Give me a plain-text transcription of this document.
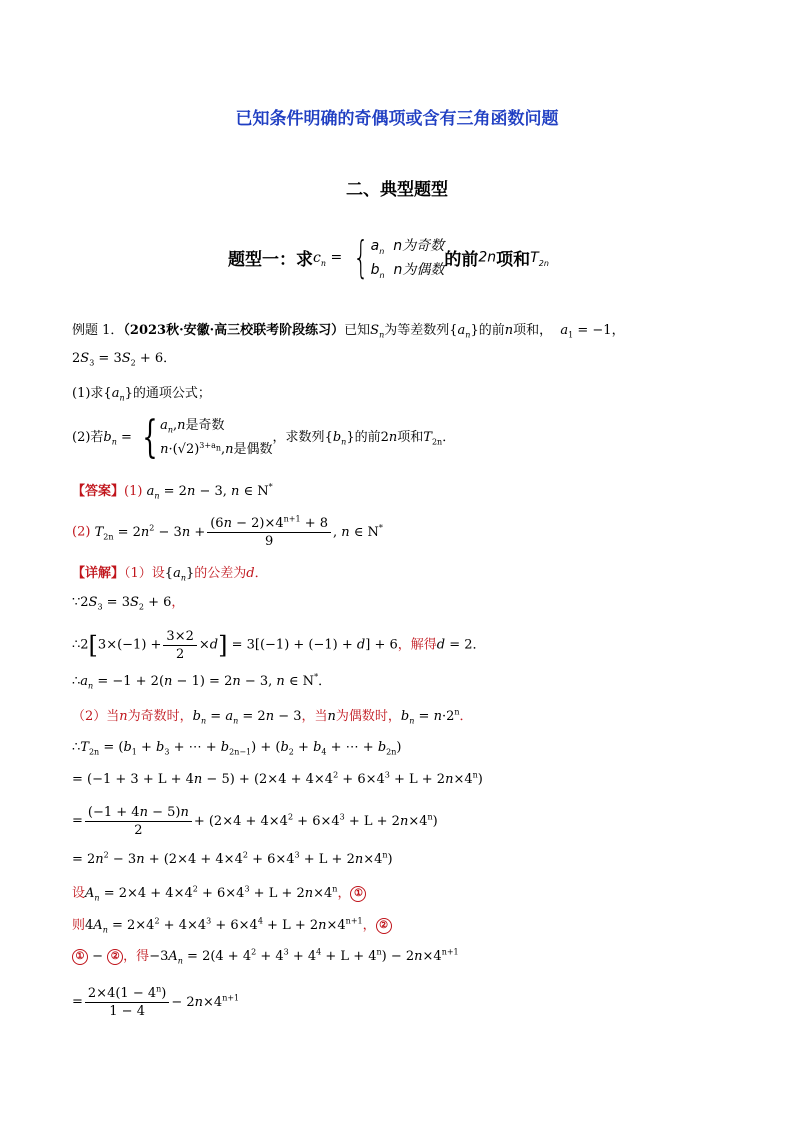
已知条件明确的奇偶项或含有三角函数问题
二、典型题型
题型一：求$c_n$ = { $a_n$ n为奇数
$b_n$ n为偶数 的前2n项和$T_{2n}$
例题 1．（2023秋·安徽·高三校联考阶段练习）已知$S_n$为等差数列$\{a_n\}$的前n项和， $a_1 = -1$，
$2S_3 = 3S_2 + 6$．
(1)求$\{a_n\}$的通项公式；
(2)若$b_n$ = { $a_n,n$是奇数
$n\cdot(√2)^{3+a_n},n$是偶数
，求数列$\{b_n\}$的前2n项和$T_{2n}$．
【答案】(1) $a_n = 2n - 3$, n ∈ N*
(2) $T_{2n} = 2n^2 - 3n + \frac{(6n - 2)\times 4^{n+1} + 8}{9}$ , n ∈ N*
【详解】（1）设$\{a_n\}$的公差为d．
$\because 2S_3 = 3S_2 + 6$，
∴2[3×(−1) + $\frac{3\times 2}{2} \times d] = 3[(-1) + (-1) + d] + 6$，解得d = 2．
$\therefore a_n = -1 + 2(n - 1) = 2n - 3$, n ∈ N*．
（2）当n为奇数时，$b_n = a_n = 2n - 3$，当n为偶数时，$b_n = n\cdot 2^n$．
$\therefore T_{2n} = (b_1 + b_3$ + ⋯ + $b_{2n-1}) + (b_2 + b_4$ + ⋯ + $b_{2n}$)
= $(-1 + 3 + L + 4n - 5) + (2\times 4 + 4\times 4^2 + 6\times 4^3 + L + 2n\times 4^n)$
= $\frac{(-1 + 4n - 5)n}{2} + (2\times 4 + 4\times 4^2 + 6\times 4^3 + L + 2n\times 4^n)$
= $2n^2 - 3n + (2\times 4 + 4\times 4^2 + 6\times 4^3 + L + 2n\times 4^n)$
设$A_n = 2\times 4 + 4\times 4^2 + 6\times 4^3 + L + 2n\times 4^n$， ①
则$4A_n = 2\times 4^2 + 4\times 4^3 + 6\times 4^4 + L + 2n\times 4^{n+1}$， ②
① − ② ，得$-3A_n = 2(4 + 4^2 + 4^3 + 4^4 + L + 4^n) - 2n\times 4^{n+1}$
= $\frac{2\times 4(1 - 4^n)}{1 - 4} - 2n\times 4^{n+1}$
